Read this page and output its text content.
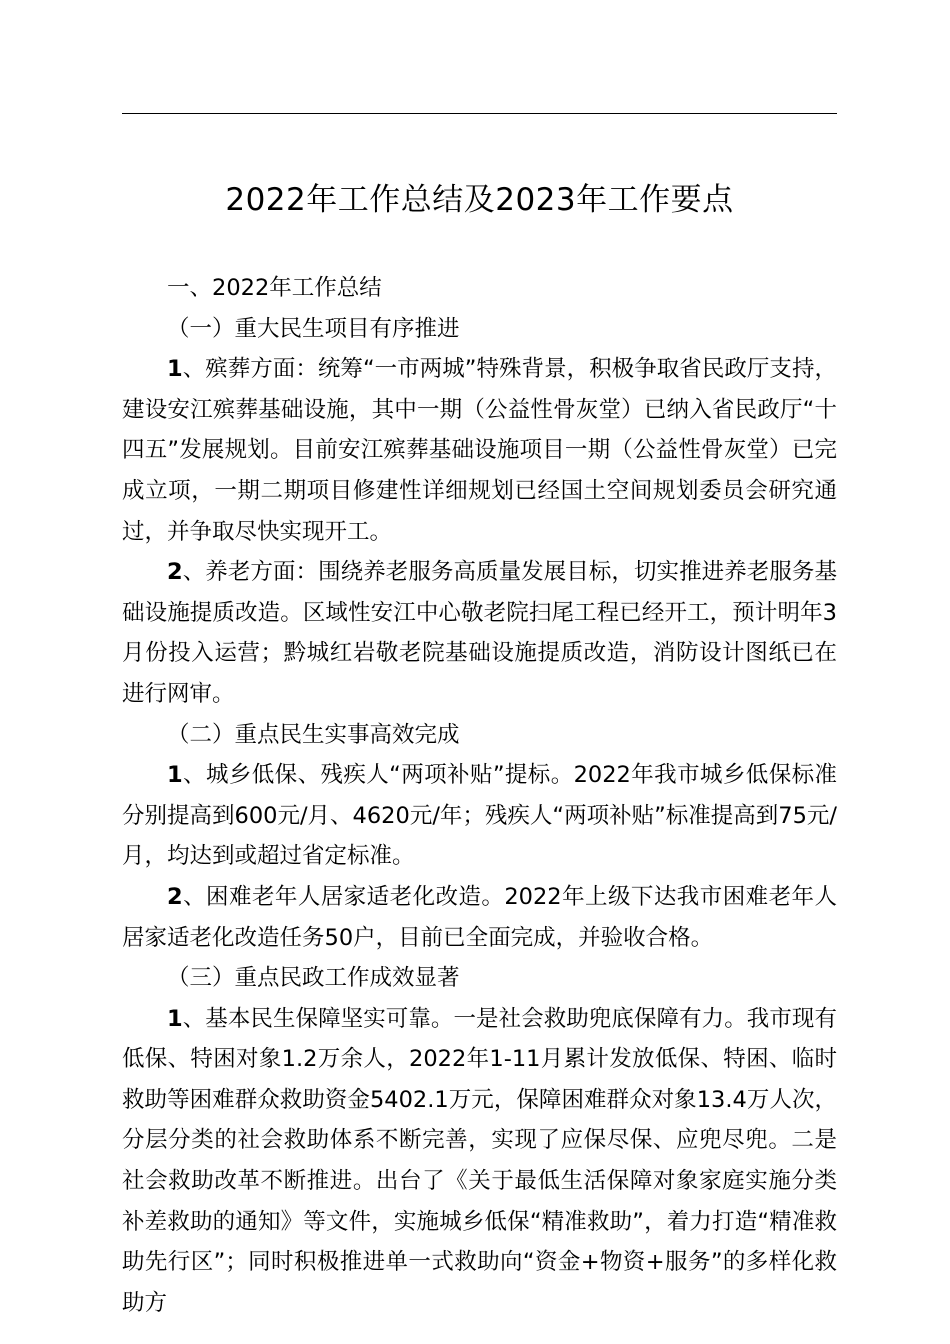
2022年工作总结及2023年工作要点

一、2022年工作总结

（一）重大民生项目有序推进

1、殡葬方面：统筹“一市两城”特殊背景，积极争取省民政厅支持，建设安江殡葬基础设施，其中一期（公益性骨灰堂）已纳入省民政厅“十四五”发展规划。目前安江殡葬基础设施项目一期（公益性骨灰堂）已完成立项，一期二期项目修建性详细规划已经国土空间规划委员会研究通过，并争取尽快实现开工。

2、养老方面：围绕养老服务高质量发展目标，切实推进养老服务基础设施提质改造。区域性安江中心敬老院扫尾工程已经开工，预计明年3月份投入运营；黔城红岩敬老院基础设施提质改造，消防设计图纸已在进行网审。

（二）重点民生实事高效完成

1、城乡低保、残疾人“两项补贴”提标。2022年我市城乡低保标准分别提高到600元/月、4620元/年；残疾人“两项补贴”标准提高到75元/月，均达到或超过省定标准。

2、困难老年人居家适老化改造。2022年上级下达我市困难老年人居家适老化改造任务50户，目前已全面完成，并验收合格。

（三）重点民政工作成效显著

1、基本民生保障坚实可靠。一是社会救助兜底保障有力。我市现有低保、特困对象1.2万余人，2022年1-11月累计发放低保、特困、临时救助等困难群众救助资金5402.1万元，保障困难群众对象13.4万人次，分层分类的社会救助体系不断完善，实现了应保尽保、应兜尽兜。二是社会救助改革不断推进。出台了《关于最低生活保障对象家庭实施分类补差救助的通知》等文件，实施城乡低保“精准救助”，着力打造“精准救助先行区”；同时积极推进单一式救助向“资金+物资+服务”的多样化救助方
